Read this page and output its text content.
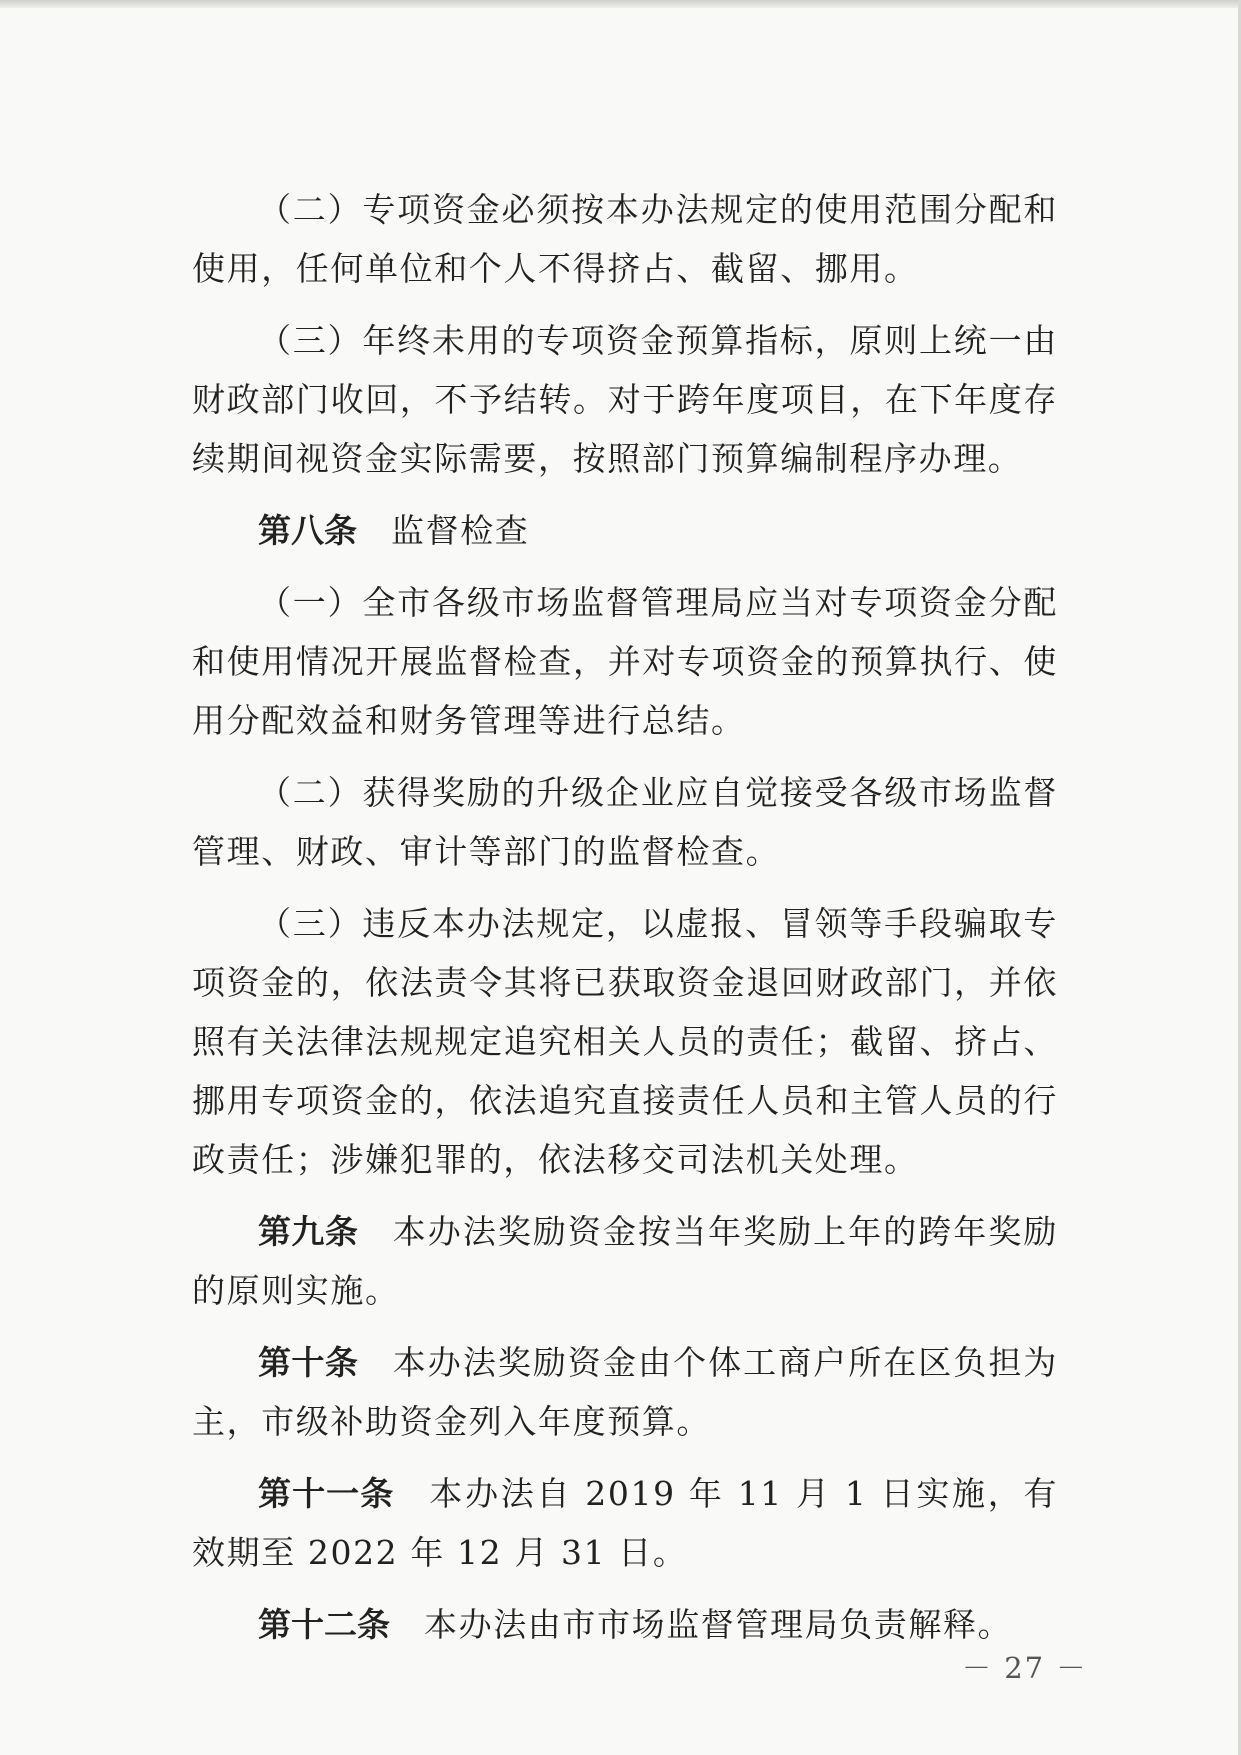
（二）专项资金必须按本办法规定的使用范围分配和使用，任何单位和个人不得挤占、截留、挪用。

（三）年终未用的专项资金预算指标，原则上统一由财政部门收回，不予结转。对于跨年度项目，在下年度存续期间视资金实际需要，按照部门预算编制程序办理。

第八条 监督检查

（一）全市各级市场监督管理局应当对专项资金分配和使用情况开展监督检查，并对专项资金的预算执行、使用分配效益和财务管理等进行总结。

（二）获得奖励的升级企业应自觉接受各级市场监督管理、财政、审计等部门的监督检查。

（三）违反本办法规定，以虚报、冒领等手段骗取专项资金的，依法责令其将已获取资金退回财政部门，并依照有关法律法规规定追究相关人员的责任；截留、挤占、挪用专项资金的，依法追究直接责任人员和主管人员的行政责任；涉嫌犯罪的，依法移交司法机关处理。

第九条 本办法奖励资金按当年奖励上年的跨年奖励的原则实施。

第十条 本办法奖励资金由个体工商户所在区负担为主，市级补助资金列入年度预算。

第十一条 本办法自 2019 年 11 月 1 日实施，有效期至 2022 年 12 月 31 日。

第十二条 本办法由市市场监督管理局负责解释。

－ 27 －
